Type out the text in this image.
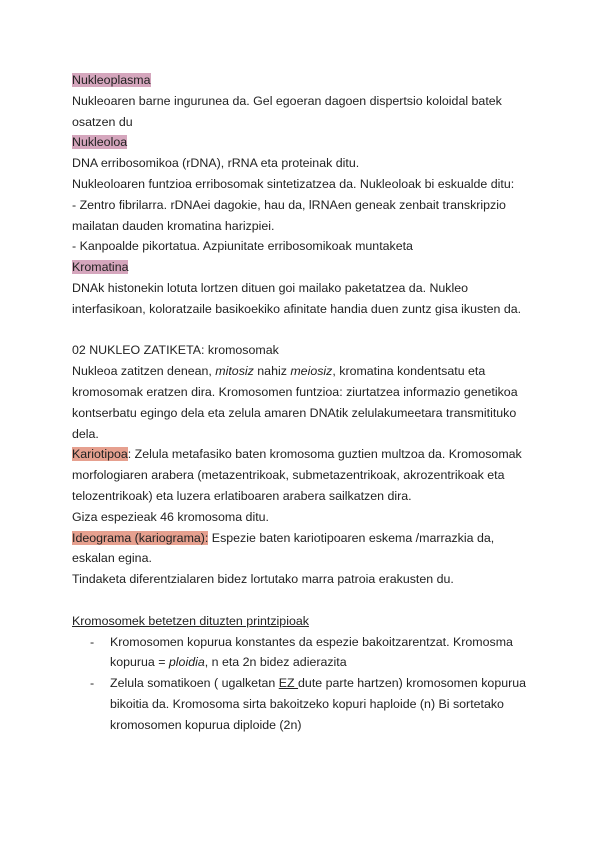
Nukleoplasma
Nukleoaren barne ingurunea da. Gel egoeran dagoen dispertsio koloidal batek
osatzen du
Nukleoloa
DNA erribosomikoa (rDNA), rRNA eta proteinak ditu.
Nukleoloaren funtzioa erribosomak sintetizatzea da. Nukleoloak bi eskualde ditu:
- Zentro fibrilarra. rDNAei dagokie, hau da, lRNAen geneak zenbait transkripzio
mailatan dauden kromatina harizpiei.
- Kanpoalde pikortatua. Azpiunitate erribosomikoak muntaketa
Kromatina
DNAk histonekin lotuta lortzen dituen goi mailako paketatzea da. Nukleo
interfasikoan, koloratzaile basikoekiko afinitate handia duen zuntz gisa ikusten da.
02 NUKLEO ZATIKETA: kromosomak
Nukleoa zatitzen denean, mitosiz nahiz meiosiz, kromatina kondentsatu eta
kromosomak eratzen dira. Kromosomen funtzioa: ziurtatzea informazio genetikoa
kontserbatu egingo dela eta zelula amaren DNAtik zelulakumeetara transmitituko
dela.
Kariotipoa: Zelula metafasiko baten kromosoma guztien multzoa da. Kromosomak
morfologiaren arabera (metazentrikoak, submetazentrikoak, akrozentrikoak eta
telozentrikoak) eta luzera erlatiboaren arabera sailkatzen dira.
Giza espezieak 46 kromosoma ditu.
Ideograma (kariograma): Espezie baten kariotipoaren eskema /marrazkia da,
eskalan egina.
Tindaketa diferentzialaren bidez lortutako marra patroia erakusten du.
Kromosomek betetzen dituzten printzipioak
- Kromosomen kopurua konstantes da espezie bakoitzarentzat. Kromosma
kopurua = ploidia, n eta 2n bidez adierazita
- Zelula somatikoen ( ugalketan EZ dute parte hartzen) kromosomen kopurua
bikoitia da. Kromosoma sirta bakoitzeko kopuri haploide (n) Bi sortetako
kromosomen kopurua diploide (2n)
